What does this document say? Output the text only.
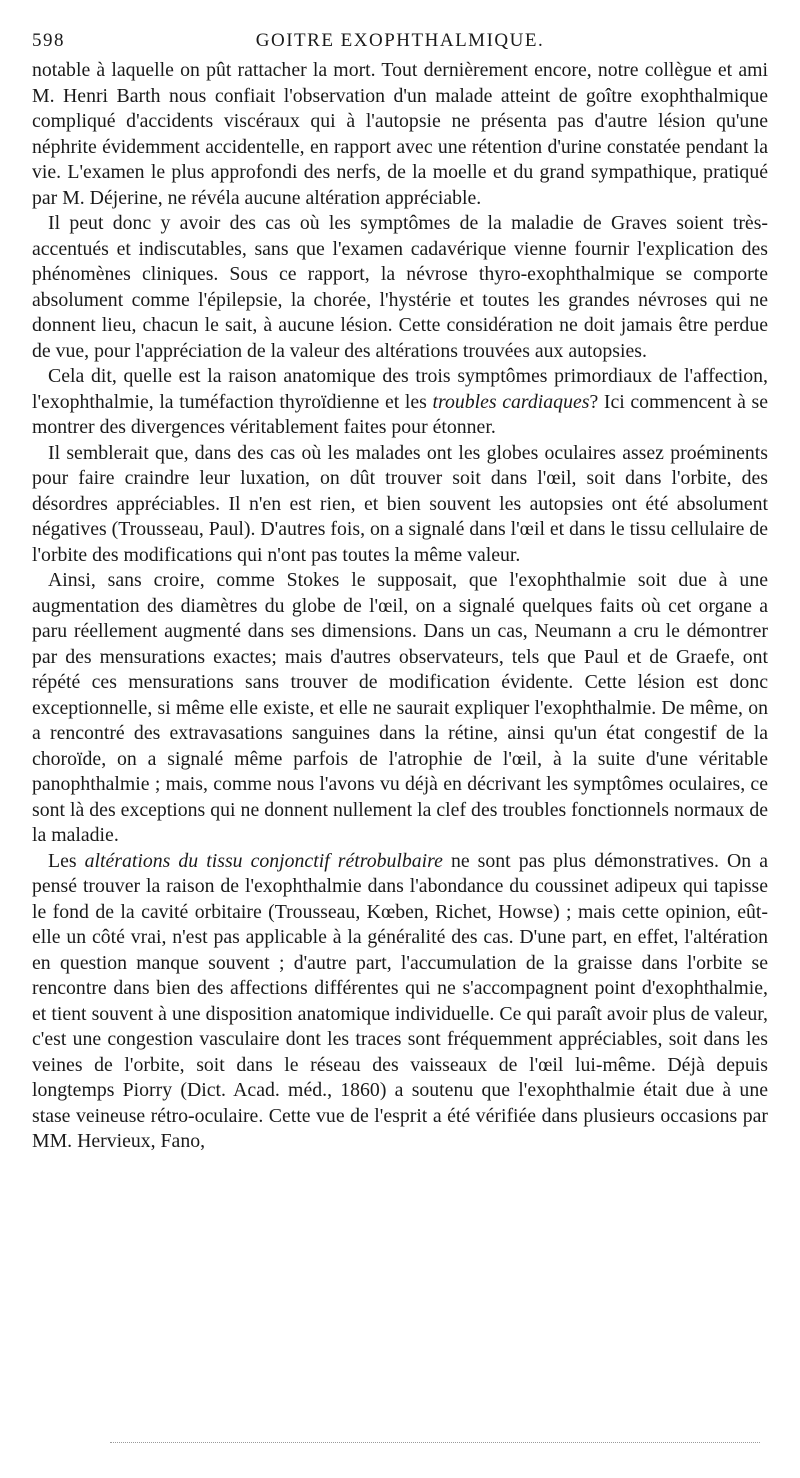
598	GOITRE EXOPHTHALMIQUE.

notable à laquelle on pût rattacher la mort. Tout dernièrement encore, notre collègue et ami M. Henri Barth nous confiait l'observation d'un malade atteint de goître exophthalmique compliqué d'accidents viscéraux qui à l'autopsie ne présenta pas d'autre lésion qu'une néphrite évidemment accidentelle, en rapport avec une rétention d'urine constatée pendant la vie. L'examen le plus approfondi des nerfs, de la moelle et du grand sympathique, pratiqué par M. Déjerine, ne révéla aucune altération appréciable.

Il peut donc y avoir des cas où les symptômes de la maladie de Graves soient très-accentués et indiscutables, sans que l'examen cadavérique vienne fournir l'explication des phénomènes cliniques. Sous ce rapport, la névrose thyro-exophthalmique se comporte absolument comme l'épilepsie, la chorée, l'hystérie et toutes les grandes névroses qui ne donnent lieu, chacun le sait, à aucune lésion. Cette considération ne doit jamais être perdue de vue, pour l'appréciation de la valeur des altérations trouvées aux autopsies.

Cela dit, quelle est la raison anatomique des trois symptômes primordiaux de l'affection, l'exophthalmie, la tuméfaction thyroïdienne et les troubles cardiaques? Ici commencent à se montrer des divergences véritablement faites pour étonner.

Il semblerait que, dans des cas où les malades ont les globes oculaires assez proéminents pour faire craindre leur luxation, on dût trouver soit dans l'œil, soit dans l'orbite, des désordres appréciables. Il n'en est rien, et bien souvent les autopsies ont été absolument négatives (Trousseau, Paul). D'autres fois, on a signalé dans l'œil et dans le tissu cellulaire de l'orbite des modifications qui n'ont pas toutes la même valeur.

Ainsi, sans croire, comme Stokes le supposait, que l'exophthalmie soit due à une augmentation des diamètres du globe de l'œil, on a signalé quelques faits où cet organe a paru réellement augmenté dans ses dimensions. Dans un cas, Neumann a cru le démontrer par des mensurations exactes; mais d'autres observateurs, tels que Paul et de Graefe, ont répété ces mensurations sans trouver de modification évidente. Cette lésion est donc exceptionnelle, si même elle existe, et elle ne saurait expliquer l'exophthalmie. De même, on a rencontré des extravasations sanguines dans la rétine, ainsi qu'un état congestif de la choroïde, on a signalé même parfois de l'atrophie de l'œil, à la suite d'une véritable panophthalmie ; mais, comme nous l'avons vu déjà en décrivant les symptômes oculaires, ce sont là des exceptions qui ne donnent nullement la clef des troubles fonctionnels normaux de la maladie.

Les altérations du tissu conjonctif rétrobulbaire ne sont pas plus démonstratives. On a pensé trouver la raison de l'exophthalmie dans l'abondance du coussinet adipeux qui tapisse le fond de la cavité orbitaire (Trousseau, Kœben, Richet, Howse) ; mais cette opinion, eût-elle un côté vrai, n'est pas applicable à la généralité des cas. D'une part, en effet, l'altération en question manque souvent ; d'autre part, l'accumulation de la graisse dans l'orbite se rencontre dans bien des affections différentes qui ne s'accompagnent point d'exophthalmie, et tient souvent à une disposition anatomique individuelle. Ce qui paraît avoir plus de valeur, c'est une congestion vasculaire dont les traces sont fréquemment appréciables, soit dans les veines de l'orbite, soit dans le réseau des vaisseaux de l'œil lui-même. Déjà depuis longtemps Piorry (Dict. Acad. méd., 1860) a soutenu que l'exophthalmie était due à une stase veineuse rétro-oculaire. Cette vue de l'esprit a été vérifiée dans plusieurs occasions par MM. Hervieux, Fano,
